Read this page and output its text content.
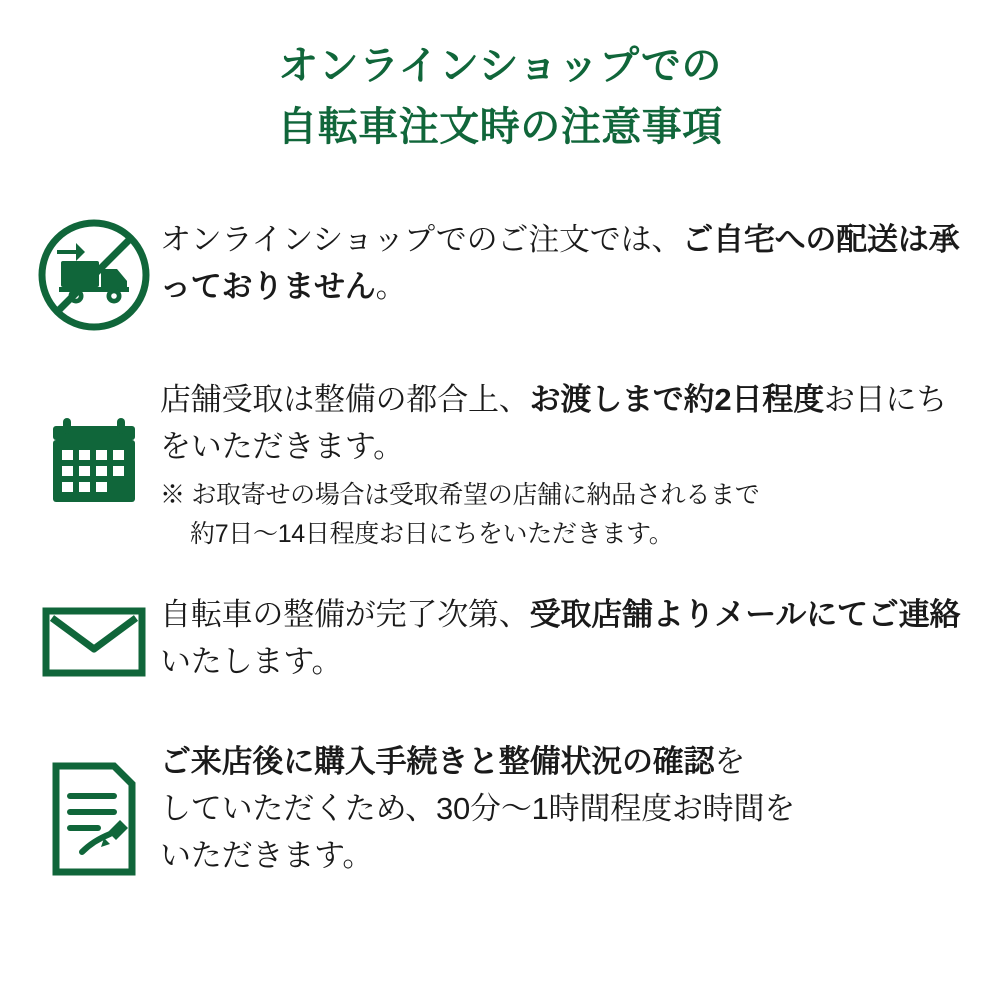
オンラインショップでの
自転車注文時の注意事項
オンラインショップでのご注文では、ご自宅への配送は承っておりません。
店舗受取は整備の都合上、お渡しまで約2日程度お日にちをいただきます。
※ お取寄せの場合は受取希望の店舗に納品されるまで
約7日〜14日程度お日にちをいただきます。
自転車の整備が完了次第、受取店舗よりメールにてご連絡いたします。
ご来店後に購入手続きと整備状況の確認を
していただくため、30分〜1時間程度お時間を
いただきます。
